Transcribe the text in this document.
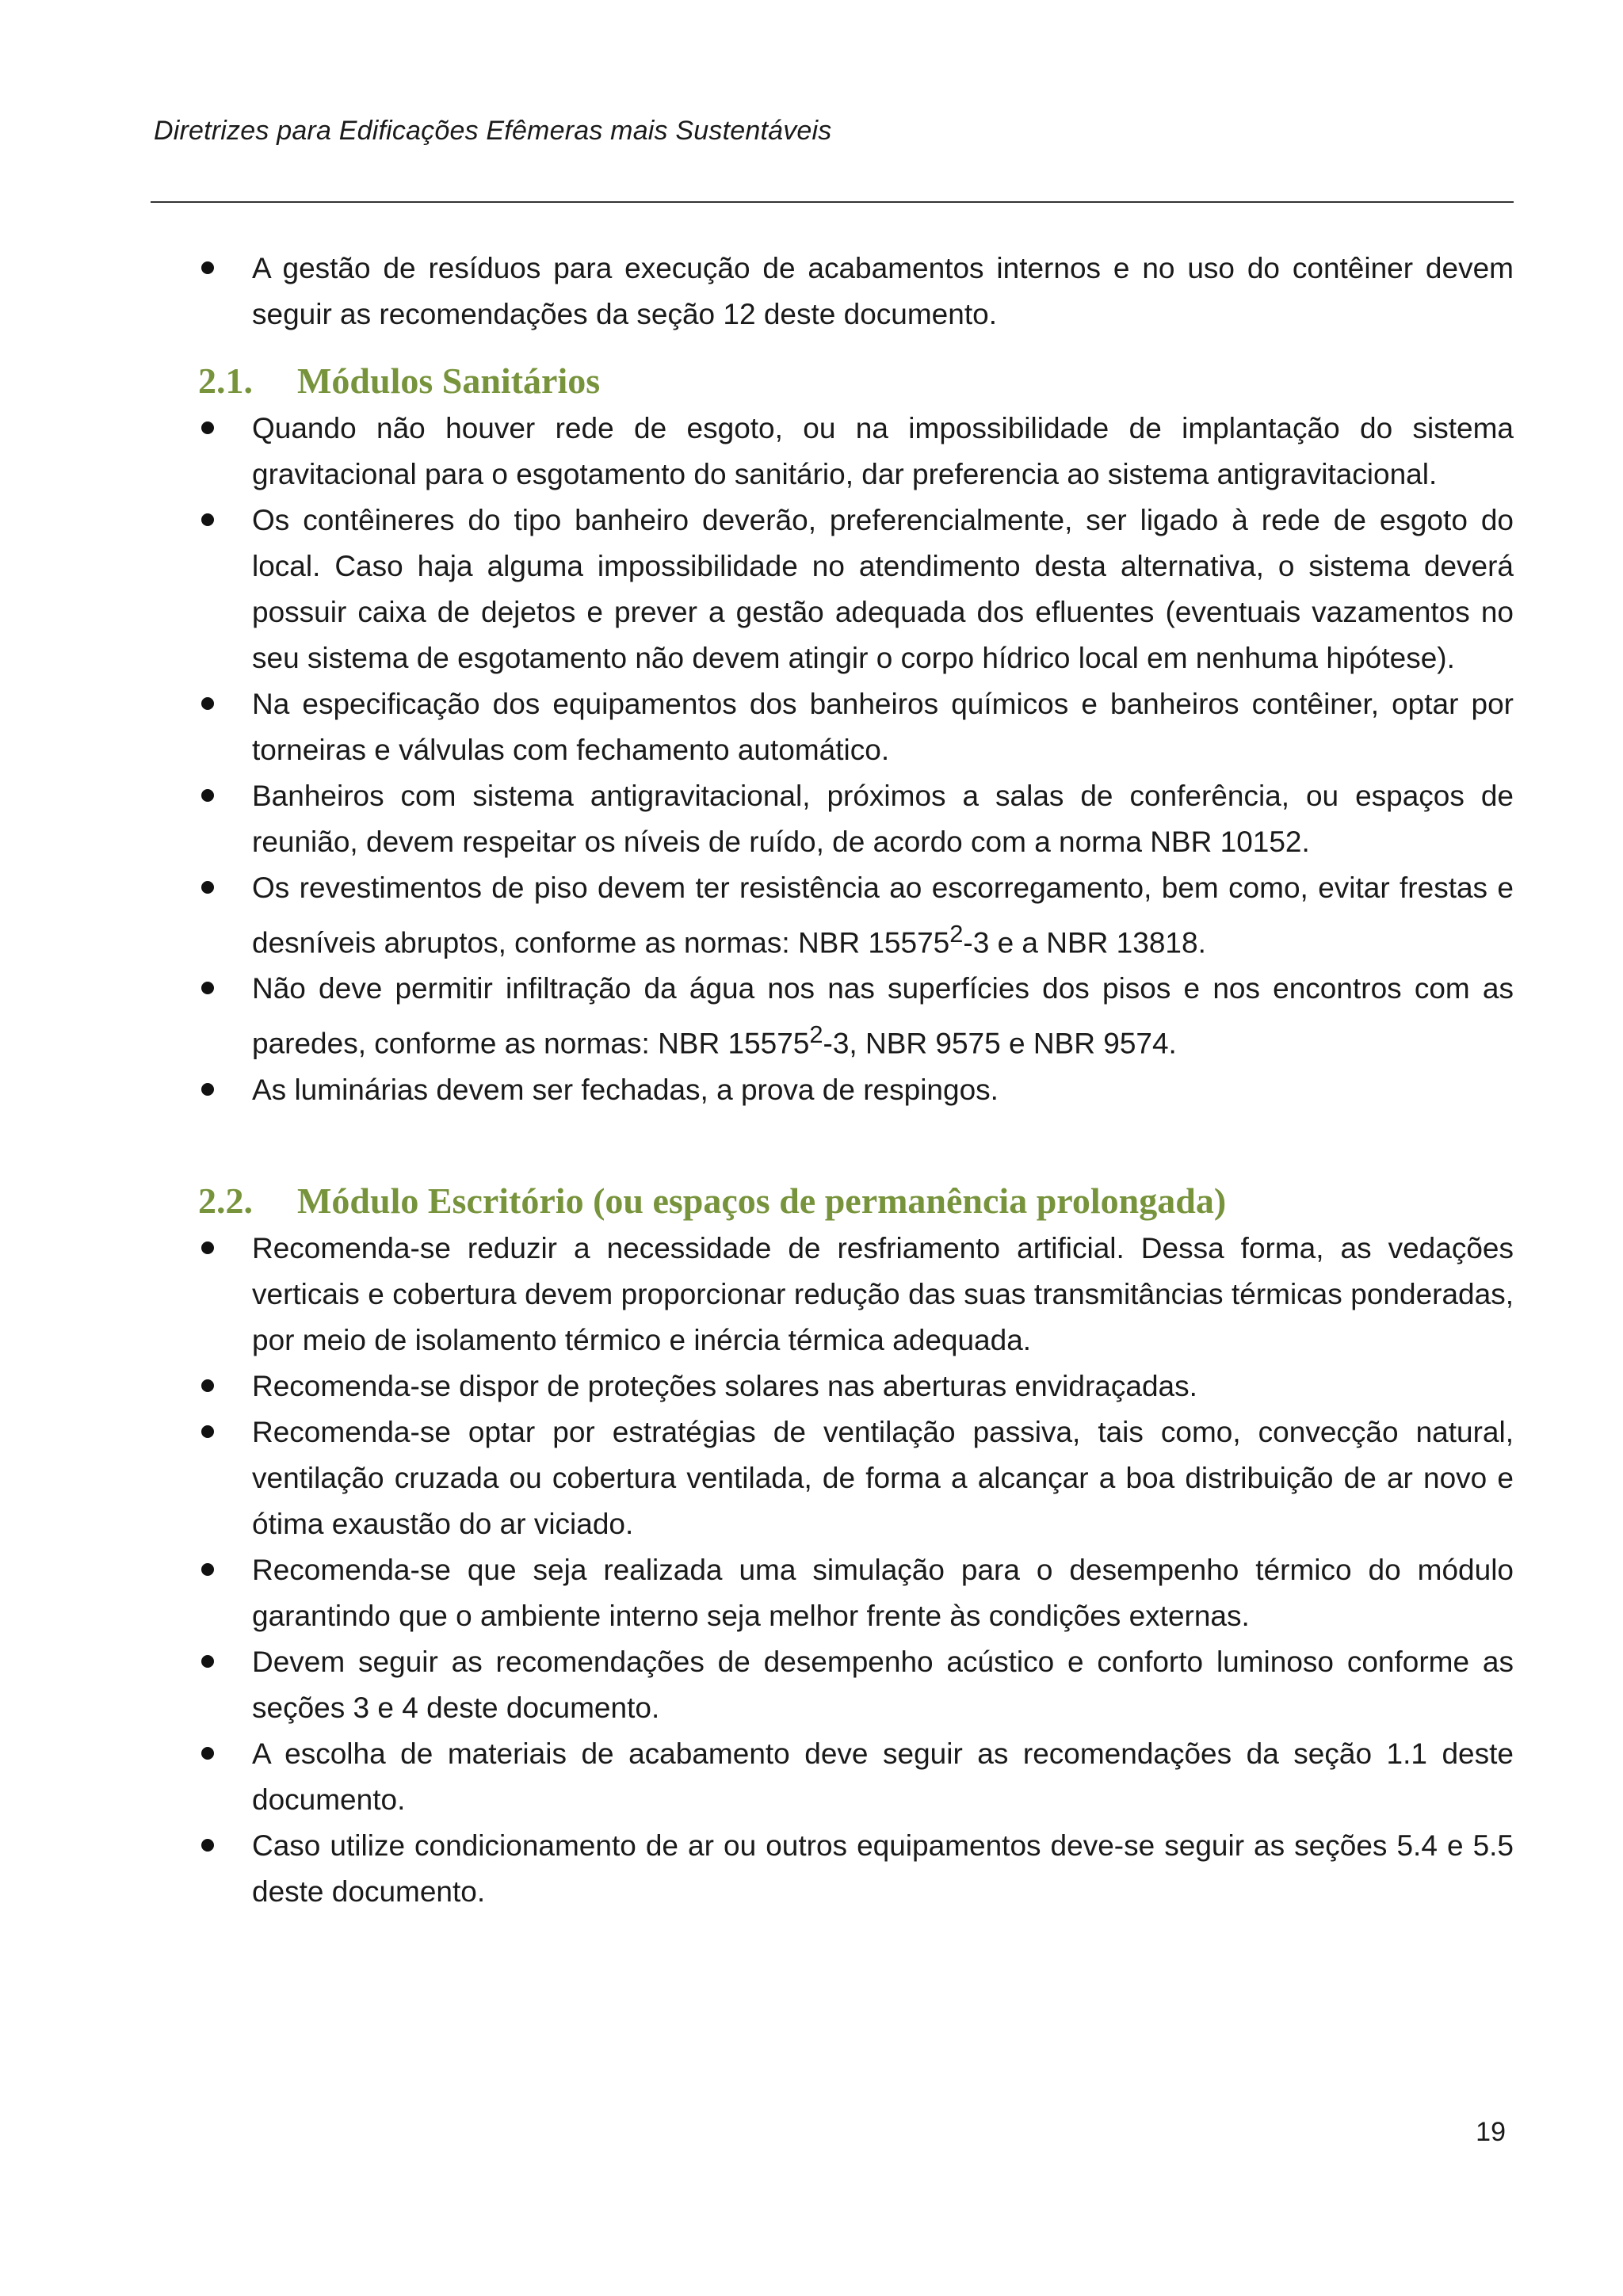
Diretrizes para Edificações Efêmeras mais Sustentáveis
A gestão de resíduos para execução de acabamentos internos e no uso do contêiner devem seguir as recomendações da seção 12 deste documento.
2.1. Módulos Sanitários
Quando não houver rede de esgoto, ou na impossibilidade de implantação do sistema gravitacional para o esgotamento do sanitário, dar preferencia ao sistema antigravitacional.
Os contêineres do tipo banheiro deverão, preferencialmente, ser ligado à rede de esgoto do local. Caso haja alguma impossibilidade no atendimento desta alternativa, o sistema deverá possuir caixa de dejetos e prever a gestão adequada dos efluentes (eventuais vazamentos no seu sistema de esgotamento não devem atingir o corpo hídrico local em nenhuma hipótese).
Na especificação dos equipamentos dos banheiros químicos e banheiros contêiner, optar por torneiras e válvulas com fechamento automático.
Banheiros com sistema antigravitacional, próximos a salas de conferência, ou espaços de reunião, devem respeitar os níveis de ruído, de acordo com a norma NBR 10152.
Os revestimentos de piso devem ter resistência ao escorregamento, bem como, evitar frestas e desníveis abruptos, conforme as normas: NBR 15575$^2$-3 e a NBR 13818.
Não deve permitir infiltração da água nos nas superfícies dos pisos e nos encontros com as paredes, conforme as normas: NBR 15575$^2$-3, NBR 9575 e NBR 9574.
As luminárias devem ser fechadas, a prova de respingos.
2.2. Módulo Escritório (ou espaços de permanência prolongada)
Recomenda-se reduzir a necessidade de resfriamento artificial. Dessa forma, as vedações verticais e cobertura devem proporcionar redução das suas transmitâncias térmicas ponderadas, por meio de isolamento térmico e inércia térmica adequada.
Recomenda-se dispor de proteções solares nas aberturas envidraçadas.
Recomenda-se optar por estratégias de ventilação passiva, tais como, convecção natural, ventilação cruzada ou cobertura ventilada, de forma a alcançar a boa distribuição de ar novo e ótima exaustão do ar viciado.
Recomenda-se que seja realizada uma simulação para o desempenho térmico do módulo garantindo que o ambiente interno seja melhor frente às condições externas.
Devem seguir as recomendações de desempenho acústico e conforto luminoso conforme as seções 3 e 4 deste documento.
A escolha de materiais de acabamento deve seguir as recomendações da seção 1.1 deste documento.
Caso utilize condicionamento de ar ou outros equipamentos deve-se seguir as seções 5.4 e 5.5 deste documento.
19
